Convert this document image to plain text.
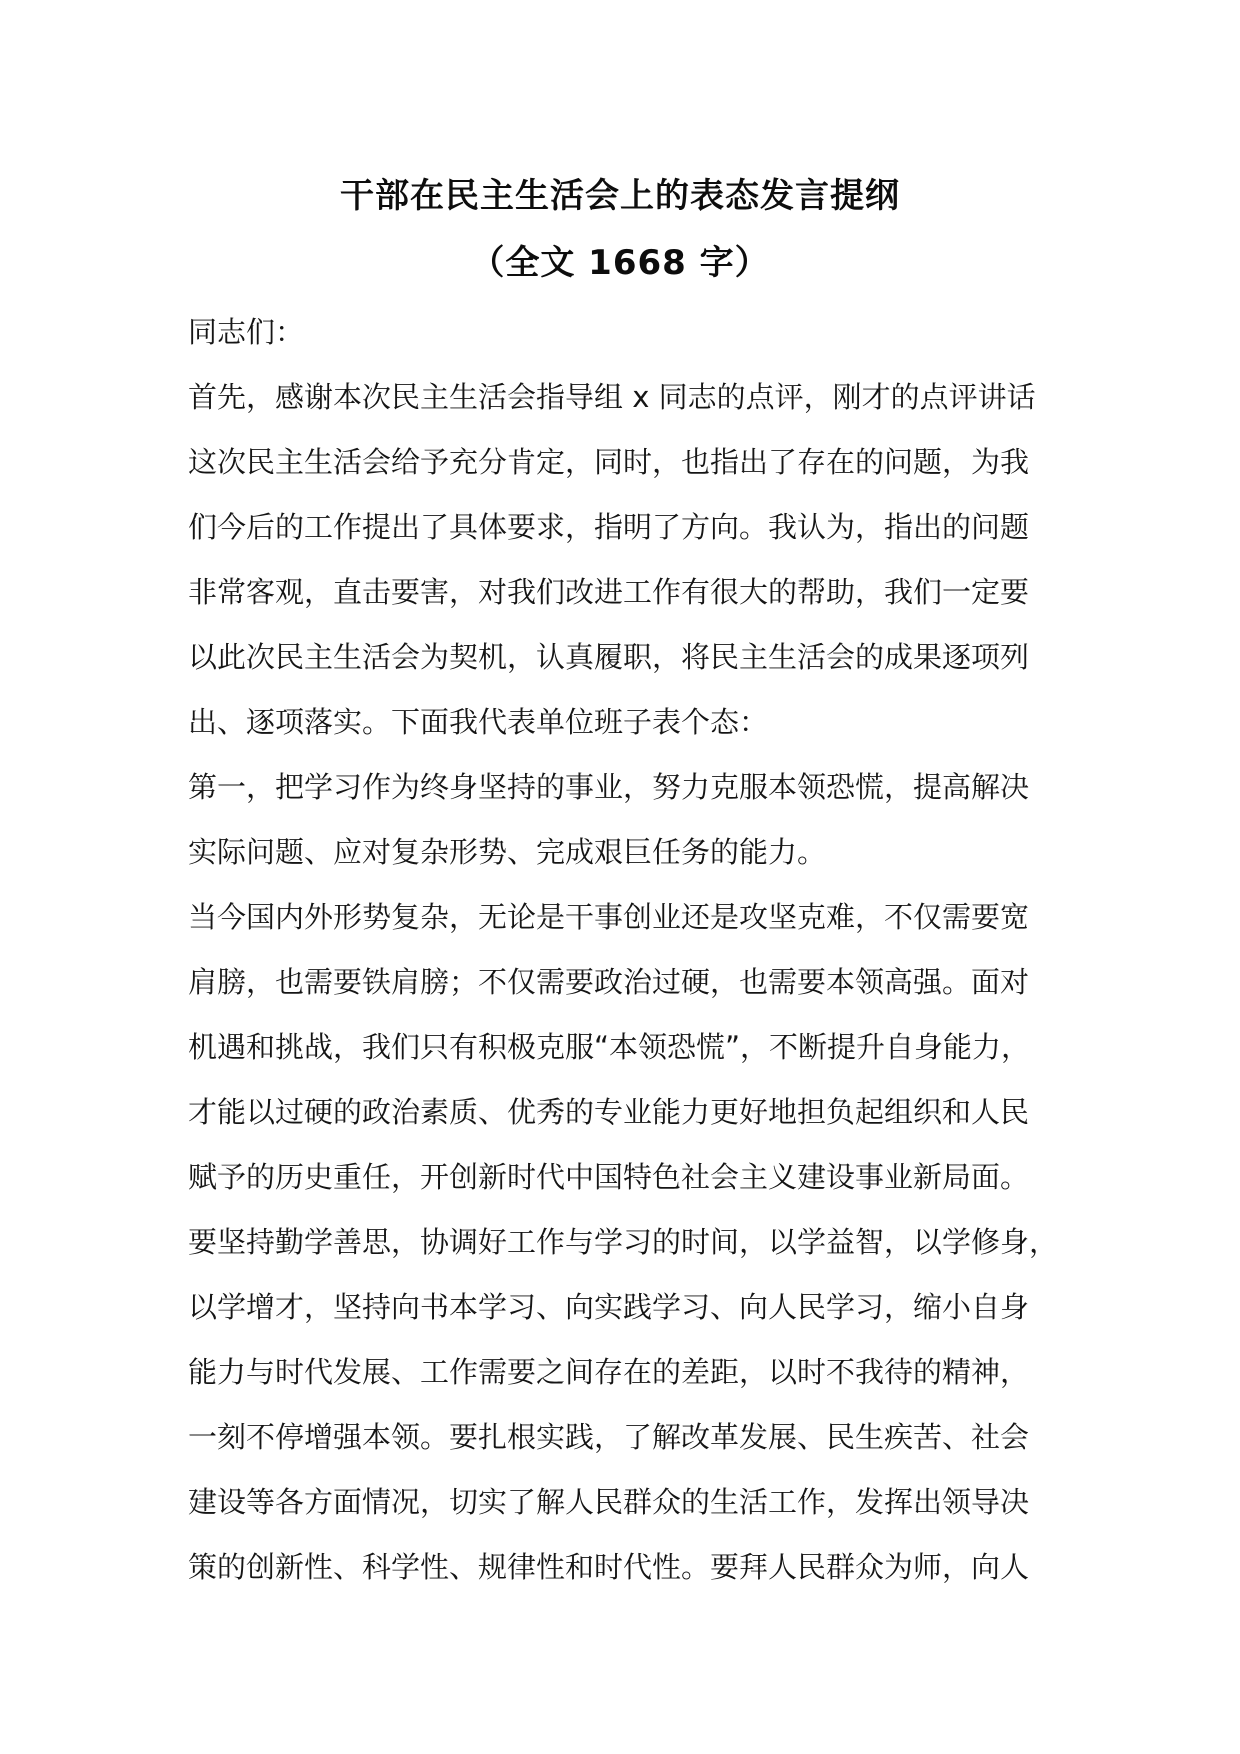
干部在民主生活会上的表态发言提纲
（全文 1668 字）
同志们：
首先，感谢本次民主生活会指导组 x 同志的点评，刚才的点评讲话
这次民主生活会给予充分肯定，同时，也指出了存在的问题，为我
们今后的工作提出了具体要求，指明了方向。我认为，指出的问题
非常客观，直击要害，对我们改进工作有很大的帮助，我们一定要
以此次民主生活会为契机，认真履职，将民主生活会的成果逐项列
出、逐项落实。下面我代表单位班子表个态：
第一，把学习作为终身坚持的事业，努力克服本领恐慌，提高解决
实际问题、应对复杂形势、完成艰巨任务的能力。
当今国内外形势复杂，无论是干事创业还是攻坚克难，不仅需要宽
肩膀，也需要铁肩膀；不仅需要政治过硬，也需要本领高强。面对
机遇和挑战，我们只有积极克服“本领恐慌”，不断提升自身能力，
才能以过硬的政治素质、优秀的专业能力更好地担负起组织和人民
赋予的历史重任，开创新时代中国特色社会主义建设事业新局面。
要坚持勤学善思，协调好工作与学习的时间，以学益智，以学修身，
以学增才，坚持向书本学习、向实践学习、向人民学习，缩小自身
能力与时代发展、工作需要之间存在的差距，以时不我待的精神，
一刻不停增强本领。要扎根实践，了解改革发展、民生疾苦、社会
建设等各方面情况，切实了解人民群众的生活工作，发挥出领导决
策的创新性、科学性、规律性和时代性。要拜人民群众为师，向人
